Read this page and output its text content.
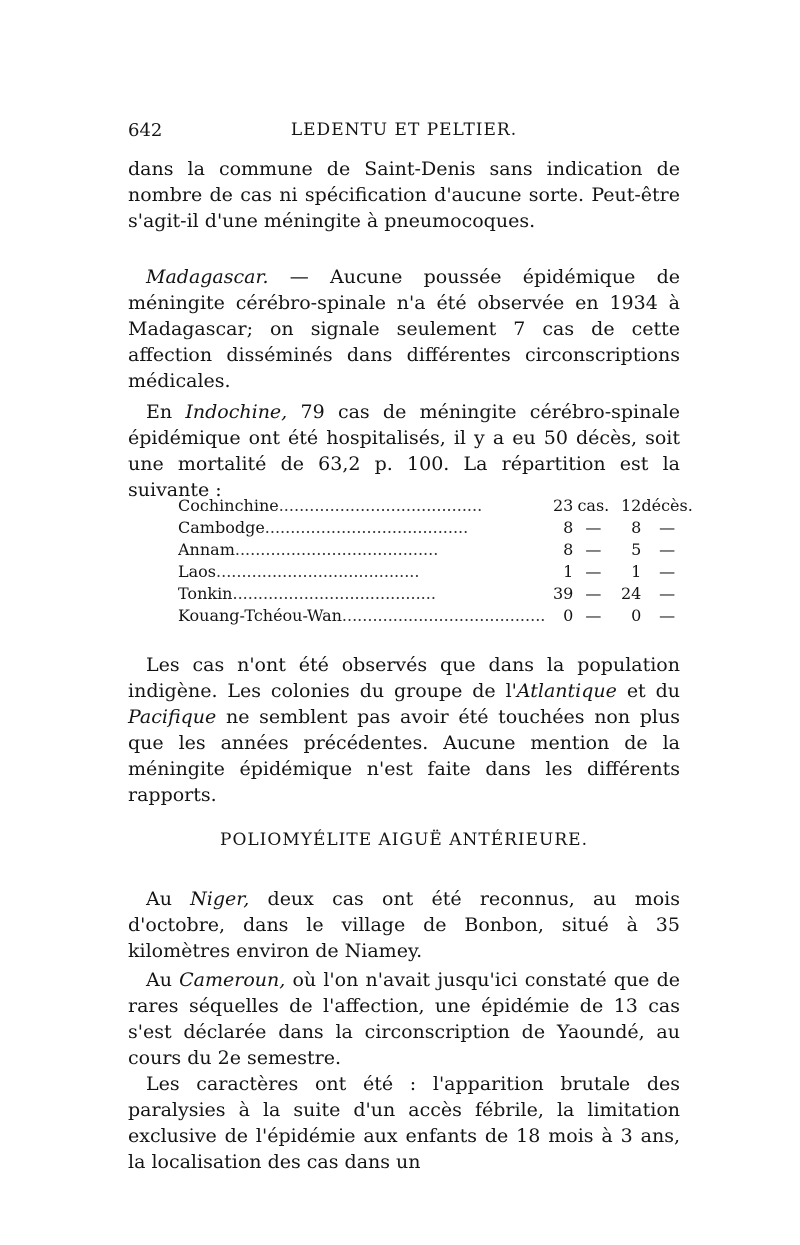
642	LEDENTU ET PELTIER.
dans la commune de Saint-Denis sans indication de nombre de cas ni spécification d'aucune sorte. Peut-être s'agit-il d'une méningite à pneumocoques.
Madagascar. — Aucune poussée épidémique de méningite cérébro-spinale n'a été observée en 1934 à Madagascar; on signale seulement 7 cas de cette affection disséminés dans différentes circonscriptions médicales.
En Indochine, 79 cas de méningite cérébro-spinale épidémique ont été hospitalisés, il y a eu 50 décès, soit une mortalité de 63,2 p. 100. La répartition est la suivante :
Cochinchine........................................	23	cas.	12	décès.
Cambodge........................................	8	—	8	—
Annam........................................	8	—	5	—
Laos........................................	1	—	1	—
Tonkin........................................	39	—	24	—
Kouang-Tchéou-Wan........................................	0	—	0	—
Les cas n'ont été observés que dans la population indigène. Les colonies du groupe de l'Atlantique et du Pacifique ne semblent pas avoir été touchées non plus que les années précédentes. Aucune mention de la méningite épidémique n'est faite dans les différents rapports.
POLIOMYÉLITE AIGUË ANTÉRIEURE.
Au Niger, deux cas ont été reconnus, au mois d'octobre, dans le village de Bonbon, situé à 35 kilomètres environ de Niamey.
Au Cameroun, où l'on n'avait jusqu'ici constaté que de rares séquelles de l'affection, une épidémie de 13 cas s'est déclarée dans la circonscription de Yaoundé, au cours du 2e semestre.
Les caractères ont été : l'apparition brutale des paralysies à la suite d'un accès fébrile, la limitation exclusive de l'épidémie aux enfants de 18 mois à 3 ans, la localisation des cas dans un
